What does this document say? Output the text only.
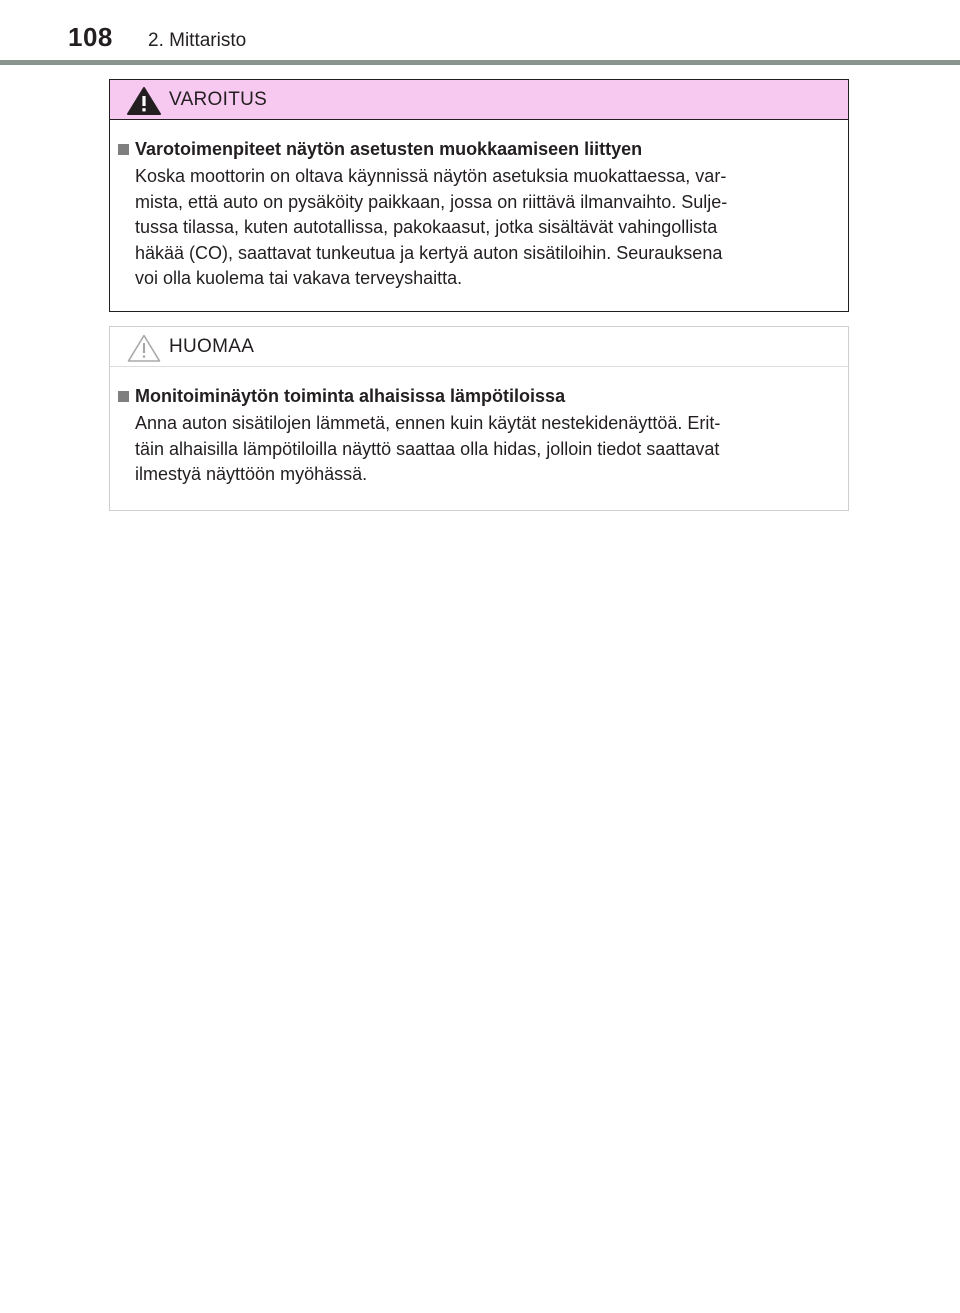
108 2. Mittaristo
VAROITUS
Varotoimenpiteet näytön asetusten muokkaamiseen liittyen
Koska moottorin on oltava käynnissä näytön asetuksia muokattaessa, var-
mista, että auto on pysäköity paikkaan, jossa on riittävä ilmanvaihto. Sulje-
tussa tilassa, kuten autotallissa, pakokaasut, jotka sisältävät vahingollista
häkää (CO), saattavat tunkeutua ja kertyä auton sisätiloihin. Seurauksena
voi olla kuolema tai vakava terveyshaitta.
HUOMAA
Monitoiminäytön toiminta alhaisissa lämpötiloissa
Anna auton sisätilojen lämmetä, ennen kuin käytät nestekidenäyttöä. Erit-
täin alhaisilla lämpötiloilla näyttö saattaa olla hidas, jolloin tiedot saattavat
ilmestyä näyttöön myöhässä.
